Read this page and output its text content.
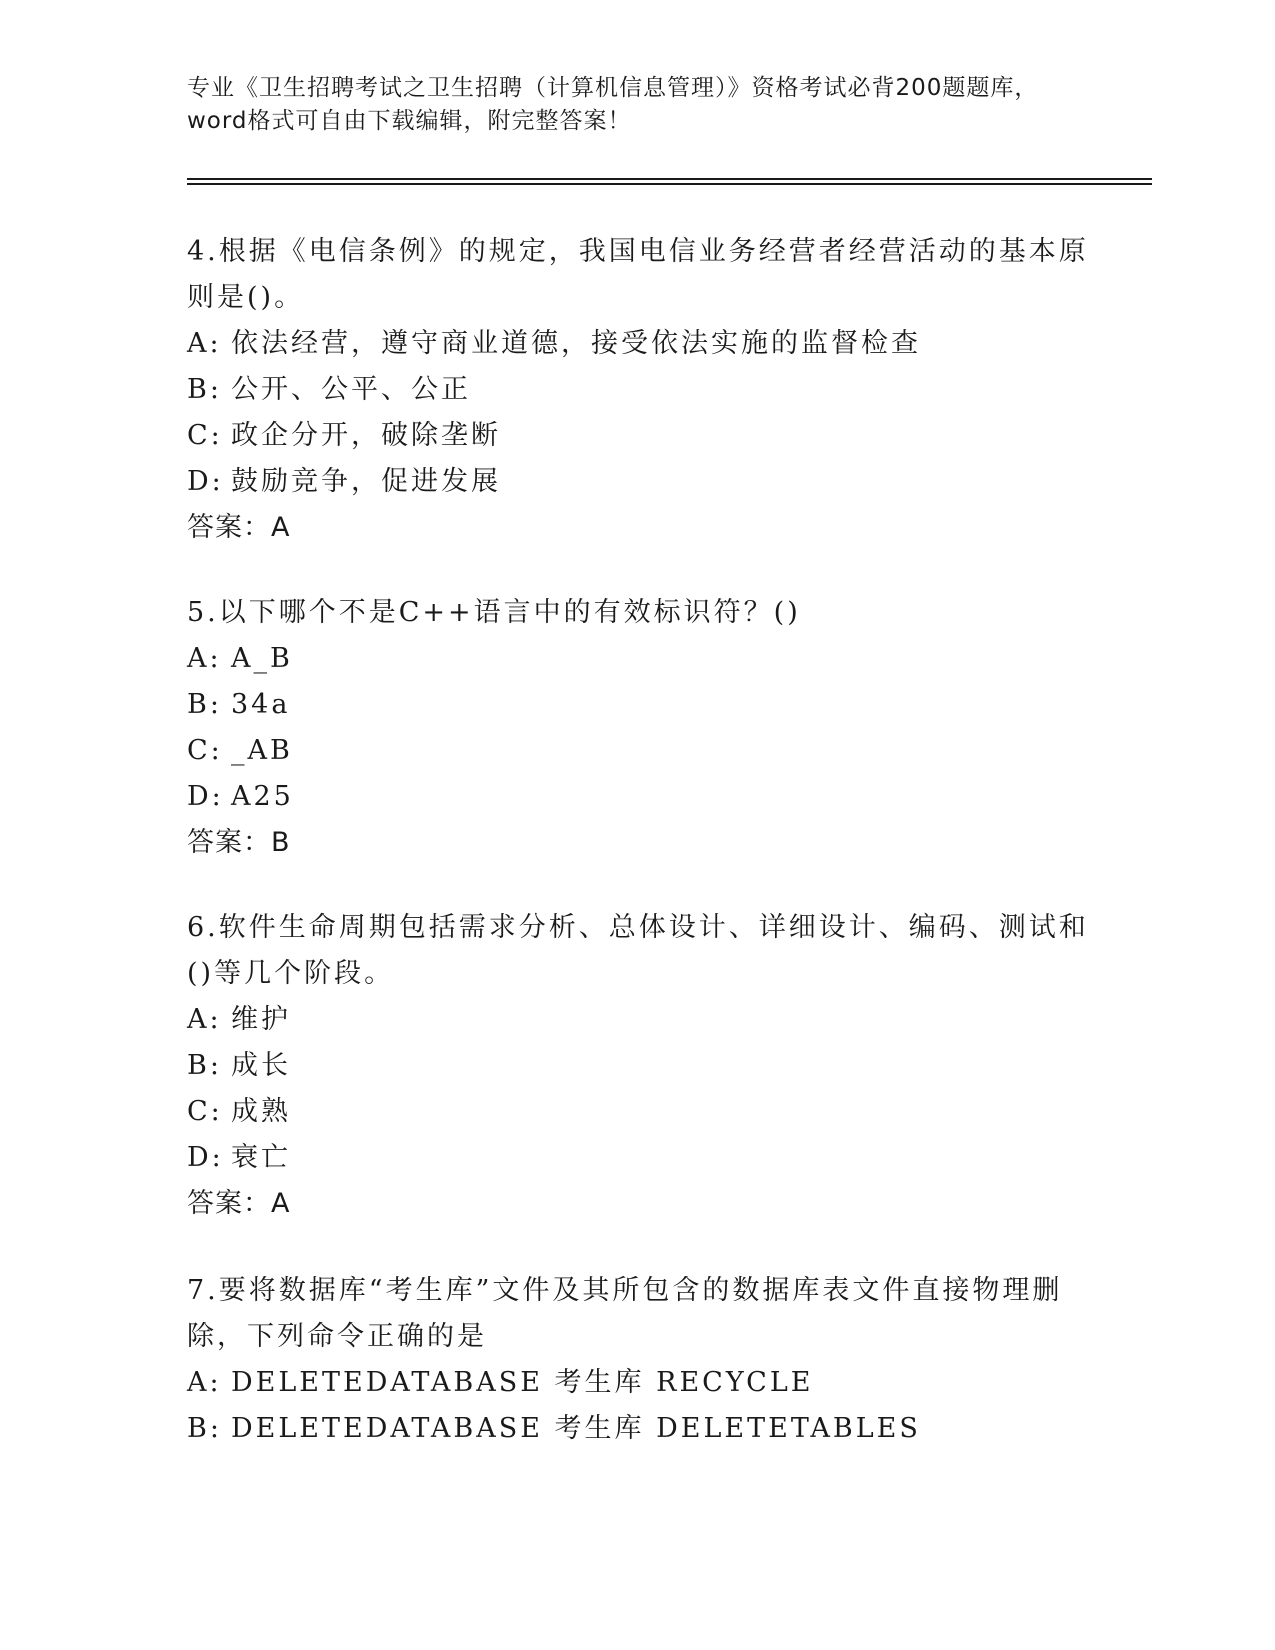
专业《卫生招聘考试之卫生招聘（计算机信息管理）》资格考试必背200题题库，
word格式可自由下载编辑，附完整答案！
4.根据《电信条例》的规定，我国电信业务经营者经营活动的基本原
则是()。
A: 依法经营，遵守商业道德，接受依法实施的监督检查
B: 公开、公平、公正
C: 政企分开，破除垄断
D: 鼓励竞争，促进发展
答案：A
5.以下哪个不是C++语言中的有效标识符？()
A: A_B
B: 34a
C: _AB
D: A25
答案：B
6.软件生命周期包括需求分析、总体设计、详细设计、编码、测试和
()等几个阶段。
A: 维护
B: 成长
C: 成熟
D: 衰亡
答案：A
7.要将数据库“考生库”文件及其所包含的数据库表文件直接物理删
除，下列命令正确的是
A: DELETEDATABASE 考生库 RECYCLE
B: DELETEDATABASE 考生库 DELETETABLES
